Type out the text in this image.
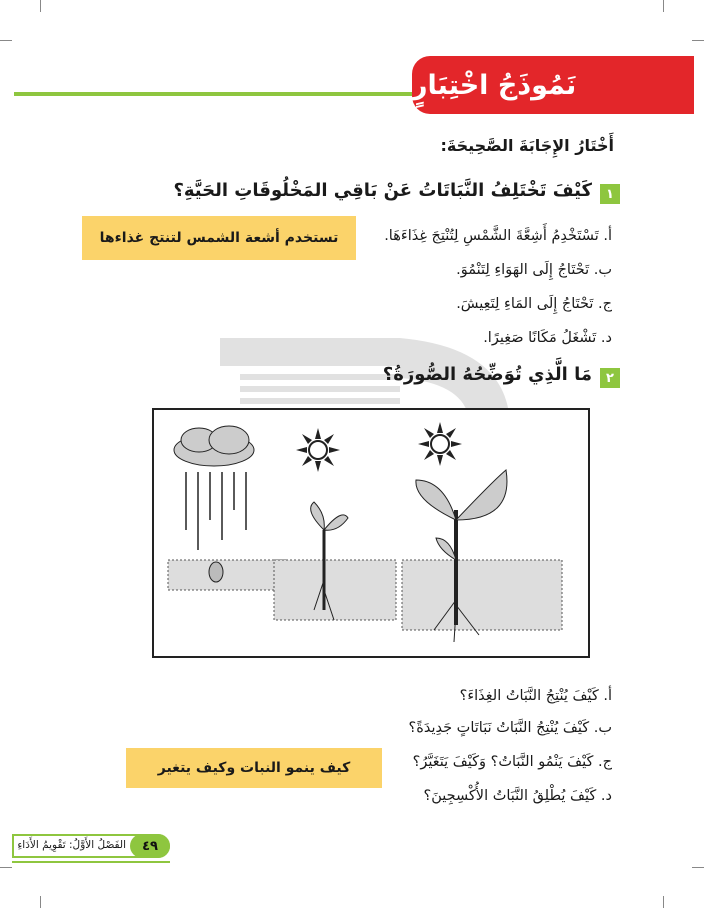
نَمُوذَجُ اخْتِبَارٍ
أَخْتَارُ الإِجَابَةَ الصَّحِيحَةَ:
١
كَيْفَ تَخْتَلِفُ النَّبَاتَاتُ عَنْ بَاقِي المَخْلُوقَاتِ الحَيَّةِ؟
أ. تَسْتَخْدِمُ أَشِعَّةَ الشَّمْسِ لِتُنْتِجَ غِذَاءَهَا.
ب. تَحْتَاجُ إِلَى الهَوَاءِ لِتَنْمُوَ.
ج. تَحْتَاجُ إِلَى المَاءِ لِتَعِيشَ.
د. تَشْغَلُ مَكَانًا صَغِيرًا.
تستخدم أشعة الشمس لتنتج غذاءها
٢
مَا الَّذِي تُوَضِّحُهُ الصُّورَةُ؟
أ. كَيْفَ يُنْتِجُ النَّبَاتُ الغِذَاءَ؟
ب. كَيْفَ يُنْتِجُ النَّبَاتُ نَبَاتَاتٍ جَدِيدَةً؟
ج. كَيْفَ يَنْمُو النَّبَاتُ؟ وَكَيْفَ يَتَغَيَّرُ؟
د. كَيْفَ يُطْلِقُ النَّبَاتُ الأُكْسِجِينَ؟
كيف ينمو النبات وكيف يتغير
الفَصْلُ الأَوَّلُ: تَقْوِيمُ الأَدَاءِ	٤٩
